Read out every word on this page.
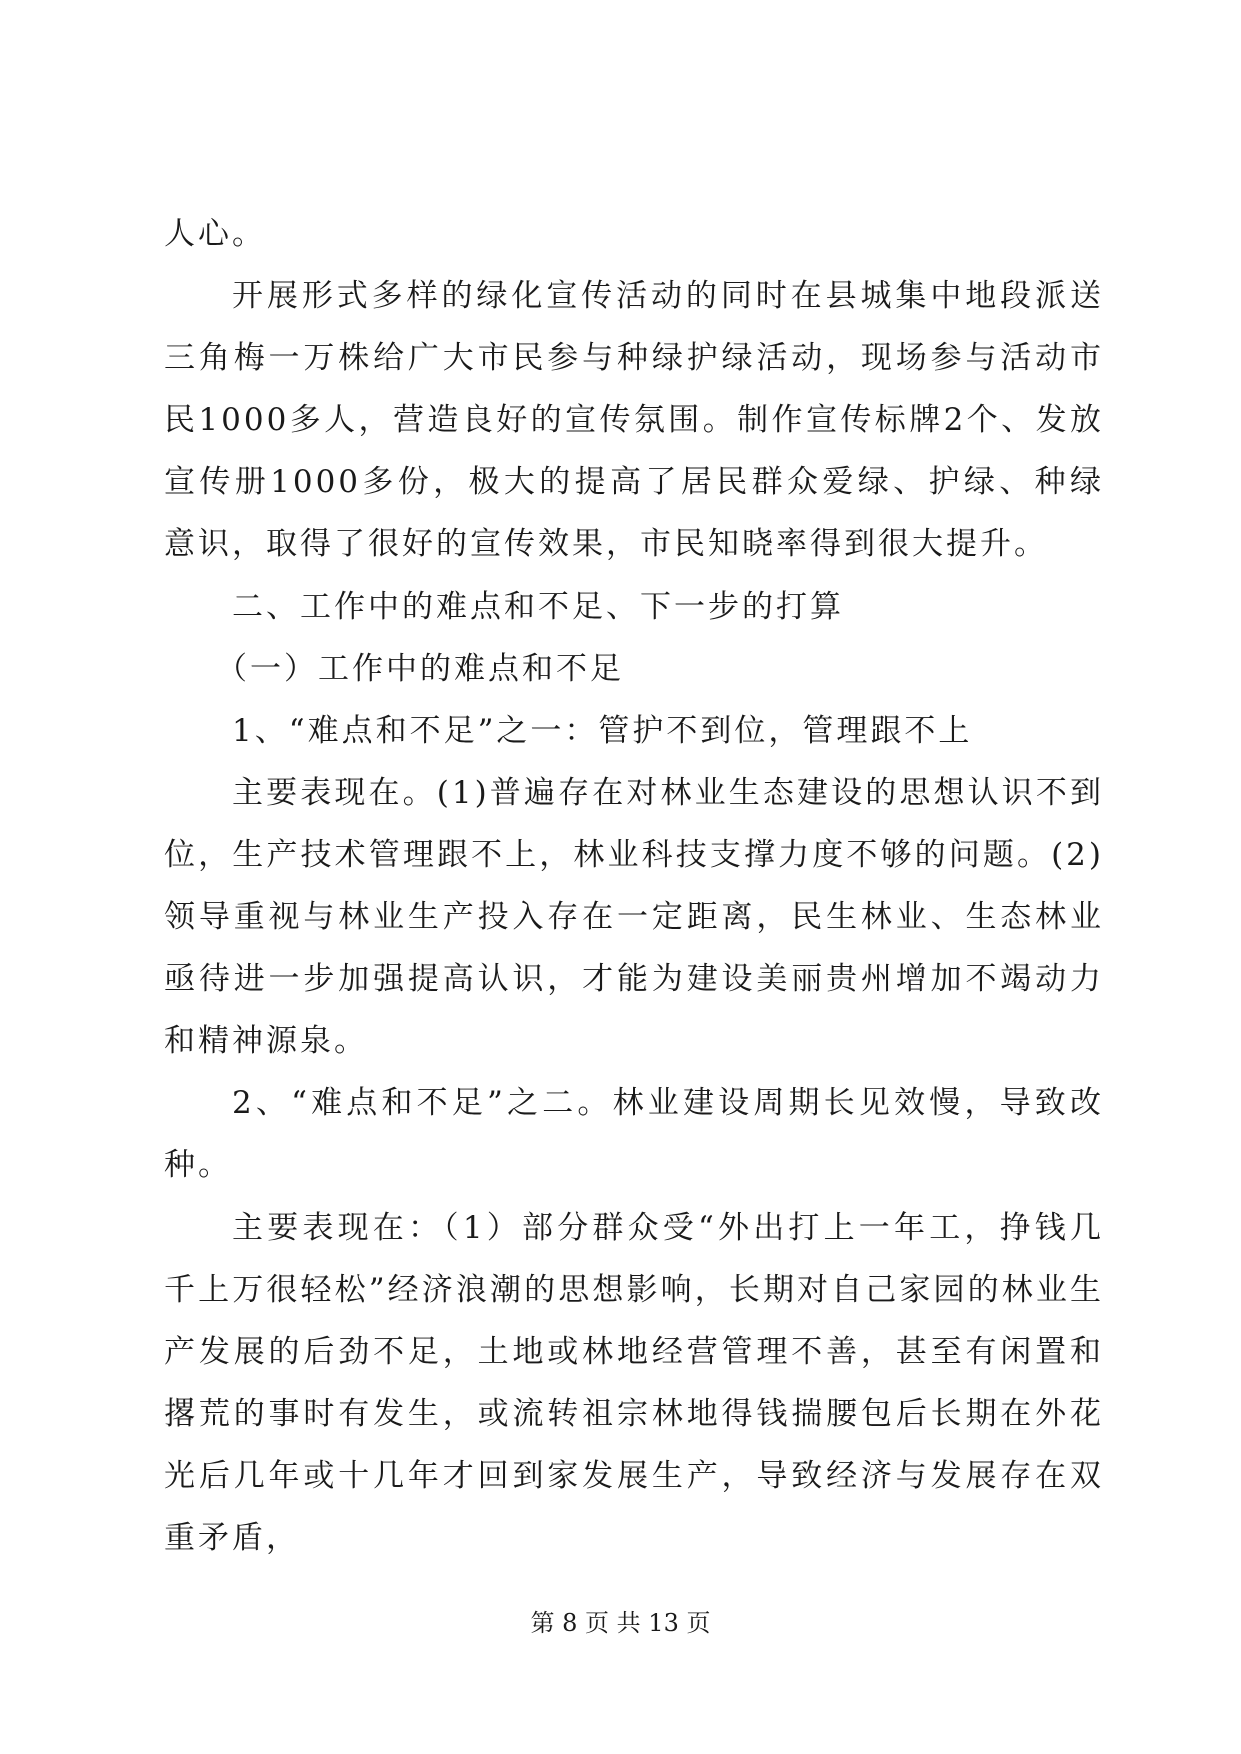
人心。

开展形式多样的绿化宣传活动的同时在县城集中地段派送三角梅一万株给广大市民参与种绿护绿活动，现场参与活动市民1000多人，营造良好的宣传氛围。制作宣传标牌2个、发放宣传册1000多份，极大的提高了居民群众爱绿、护绿、种绿意识，取得了很好的宣传效果，市民知晓率得到很大提升。

二、工作中的难点和不足、下一步的打算

（一）工作中的难点和不足

1、“难点和不足”之一：管护不到位，管理跟不上

主要表现在。(1)普遍存在对林业生态建设的思想认识不到位，生产技术管理跟不上，林业科技支撑力度不够的问题。(2)领导重视与林业生产投入存在一定距离，民生林业、生态林业亟待进一步加强提高认识，才能为建设美丽贵州增加不竭动力和精神源泉。

2、“难点和不足”之二。林业建设周期长见效慢，导致改种。

主要表现在：（1）部分群众受“外出打上一年工，挣钱几千上万很轻松”经济浪潮的思想影响，长期对自己家园的林业生产发展的后劲不足，土地或林地经营管理不善，甚至有闲置和撂荒的事时有发生，或流转祖宗林地得钱揣腰包后长期在外花光后几年或十几年才回到家发展生产，导致经济与发展存在双重矛盾，

第 8 页 共 13 页
